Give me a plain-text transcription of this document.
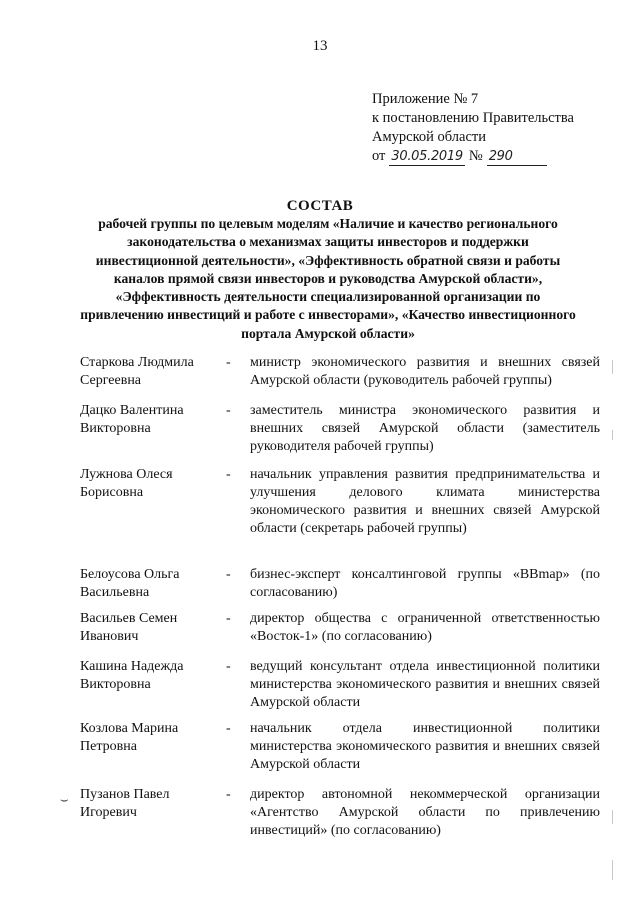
13
Приложение № 7
к постановлению Правительства
Амурской области
от 30.05.2019 № 290
СОСТАВ
рабочей группы по целевым моделям «Наличие и качество регионального законодательства о механизмах защиты инвесторов и поддержки инвестиционной деятельности», «Эффективность обратной связи и работы каналов прямой связи инвесторов и руководства Амурской области», «Эффективность деятельности специализированной организации по привлечению инвестиций и работе с инвесторами», «Качество инвестиционного портала Амурской области»
Старкова Людмила Сергеевна
-	министр экономического развития и внешних связей Амурской области (руководитель рабочей группы)
Дацко Валентина Викторовна
-	заместитель министра экономического развития и внешних связей Амурской области (заместитель руководителя рабочей группы)
Лужнова Олеся Борисовна
-	начальник управления развития предпринимательства и улучшения делового климата министерства экономического развития и внешних связей Амурской области (секретарь рабочей группы)
Белоусова Ольга Васильевна
-	бизнес-эксперт консалтинговой группы «BBmap» (по согласованию)
Васильев Семен Иванович
-	директор общества с ограниченной ответственностью «Восток-1» (по согласованию)
Кашина Надежда Викторовна
-	ведущий консультант отдела инвестиционной политики министерства экономического развития и внешних связей Амурской области
Козлова Марина Петровна
-	начальник отдела инвестиционной политики министерства экономического развития и внешних связей Амурской области
Пузанов Павел Игоревич
-	директор автономной некоммерческой организации «Агентство Амурской области по привлечению инвестиций» (по согласованию)
⌣
